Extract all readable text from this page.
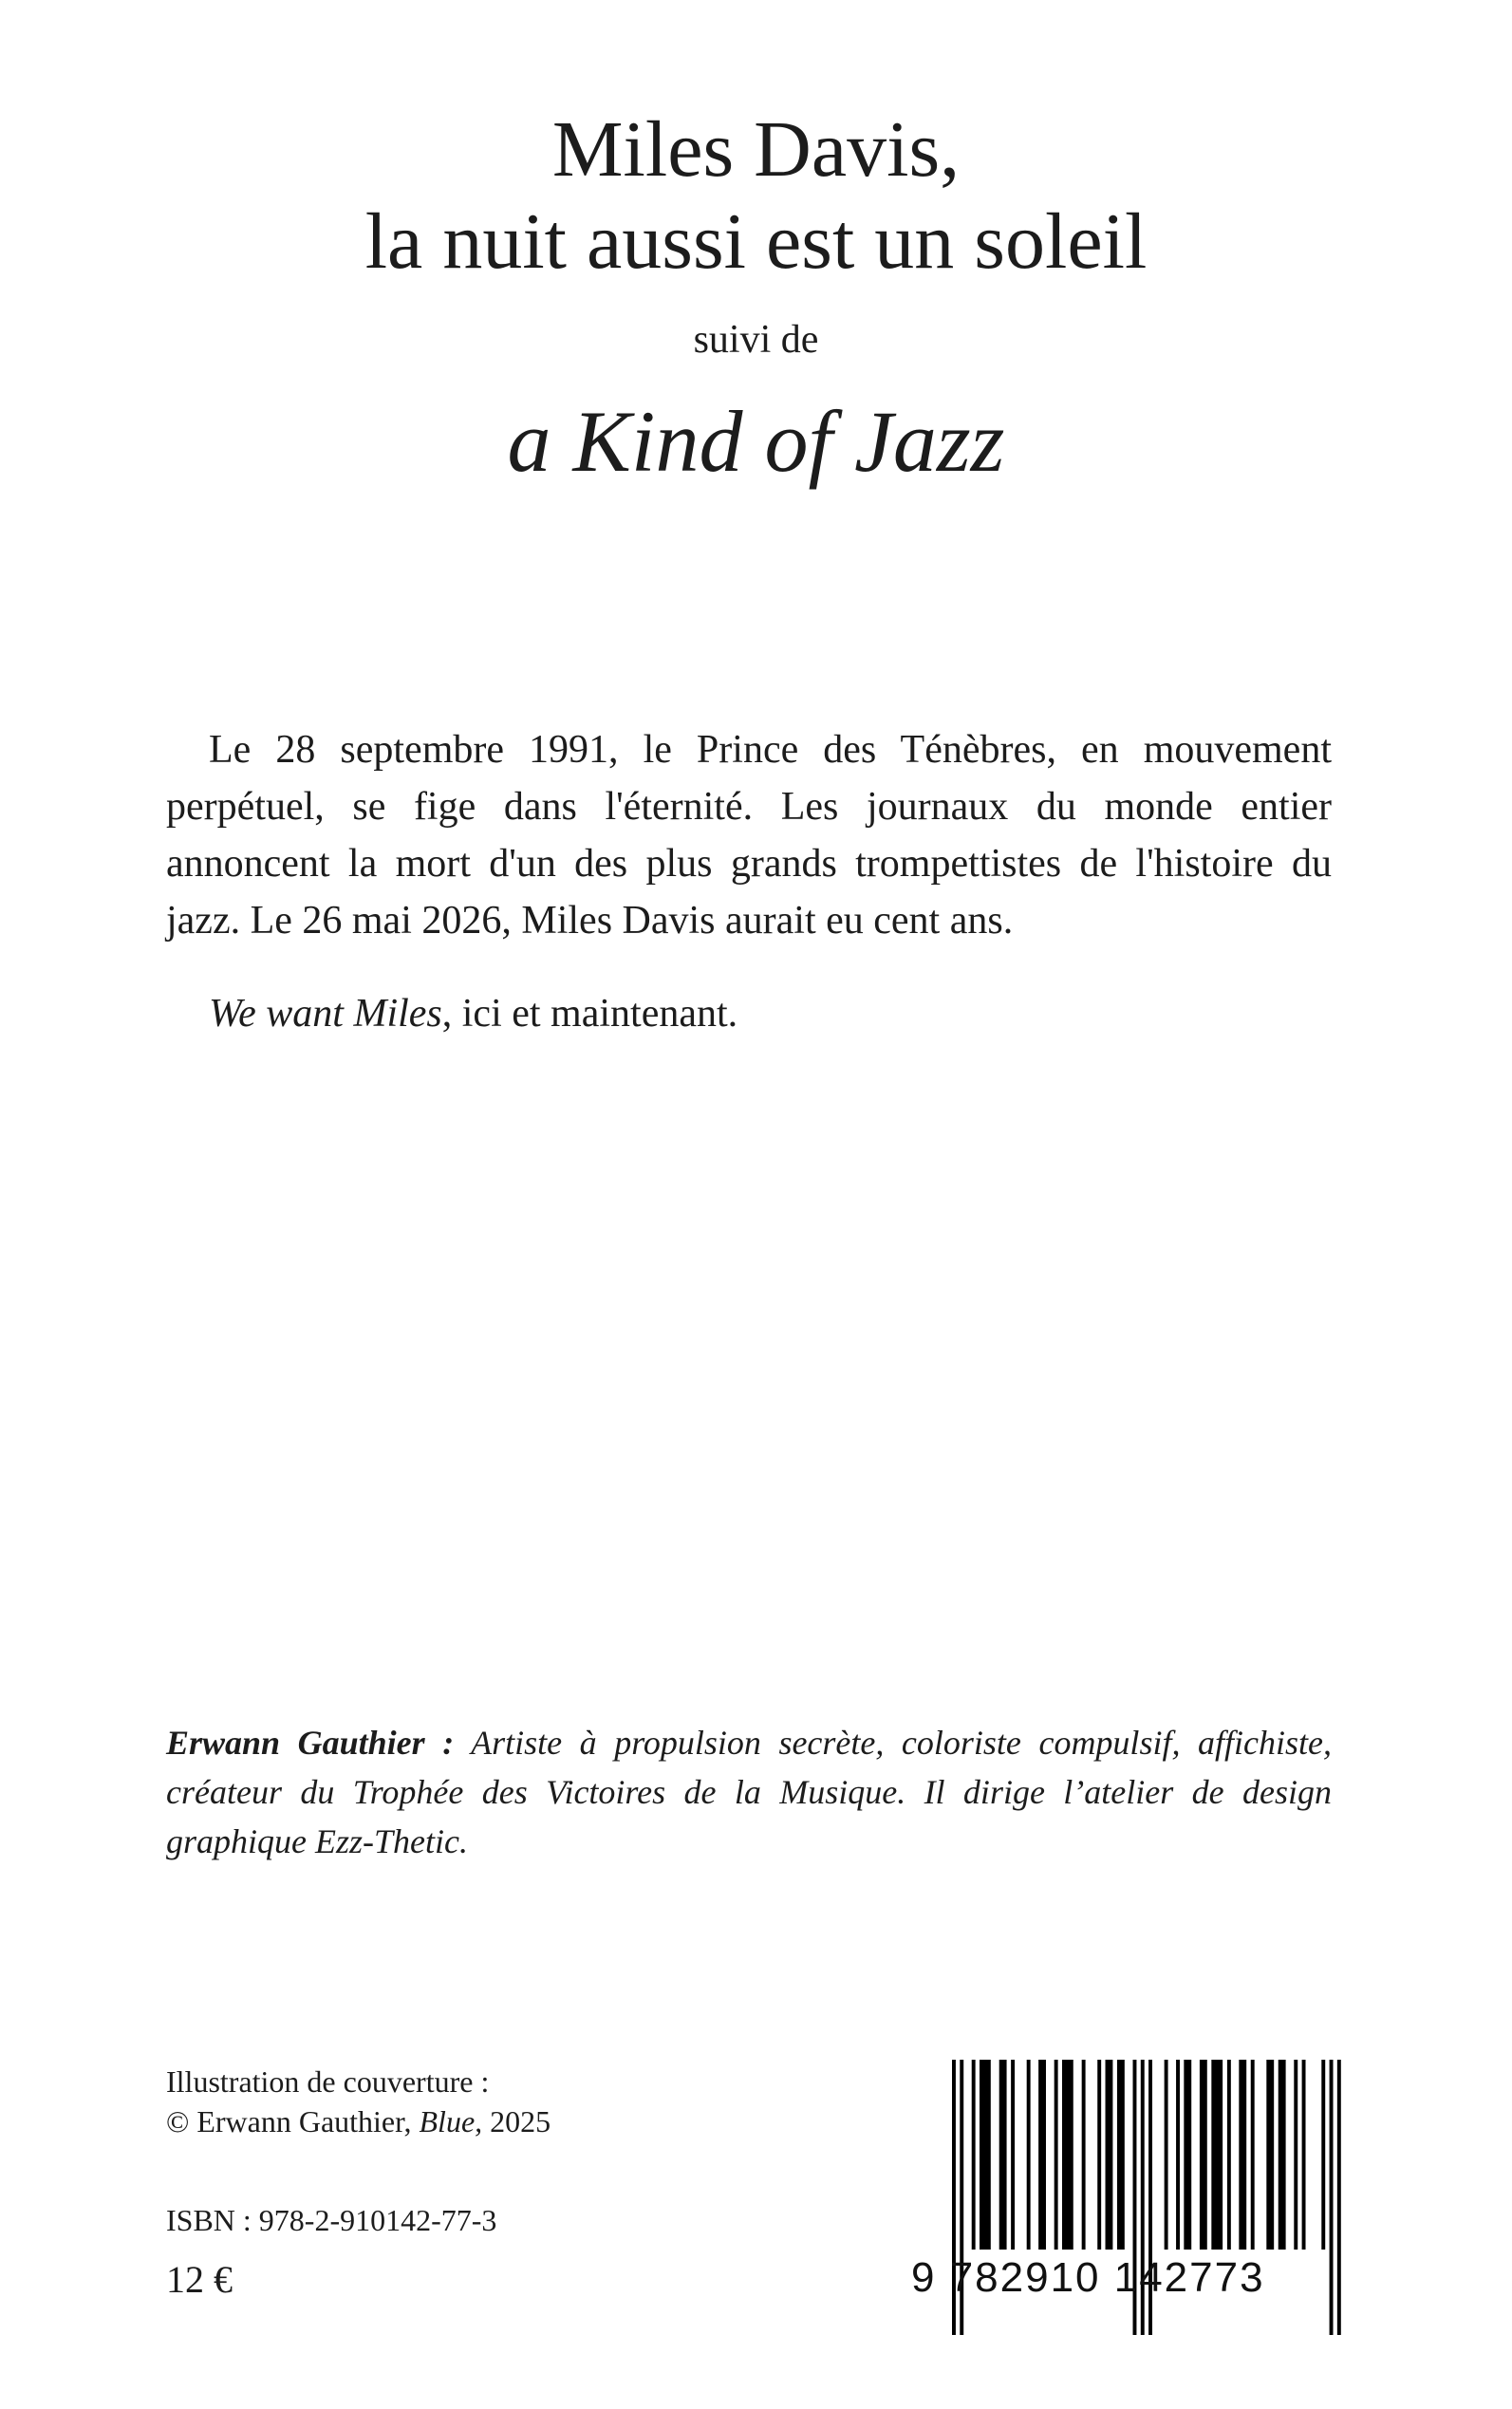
Miles Davis,
la nuit aussi est un soleil
suivi de
a Kind of Jazz

Le 28 septembre 1991, le Prince des Ténèbres, en mouvement perpétuel, se fige dans l'éternité. Les journaux du monde entier annoncent la mort d'un des plus grands trompettistes de l'histoire du jazz. Le 26 mai 2026, Miles Davis aurait eu cent ans.

We want Miles, ici et maintenant.

Erwann Gauthier : Artiste à propulsion secrète, coloriste compulsif, affichiste, créateur du Trophée des Victoires de la Musique. Il dirige l’atelier de design graphique Ezz-Thetic.
Illustration de couverture :
© Erwann Gauthier, Blue, 2025
ISBN : 978-2-910142-77-3
12 €	9 782910 142773
